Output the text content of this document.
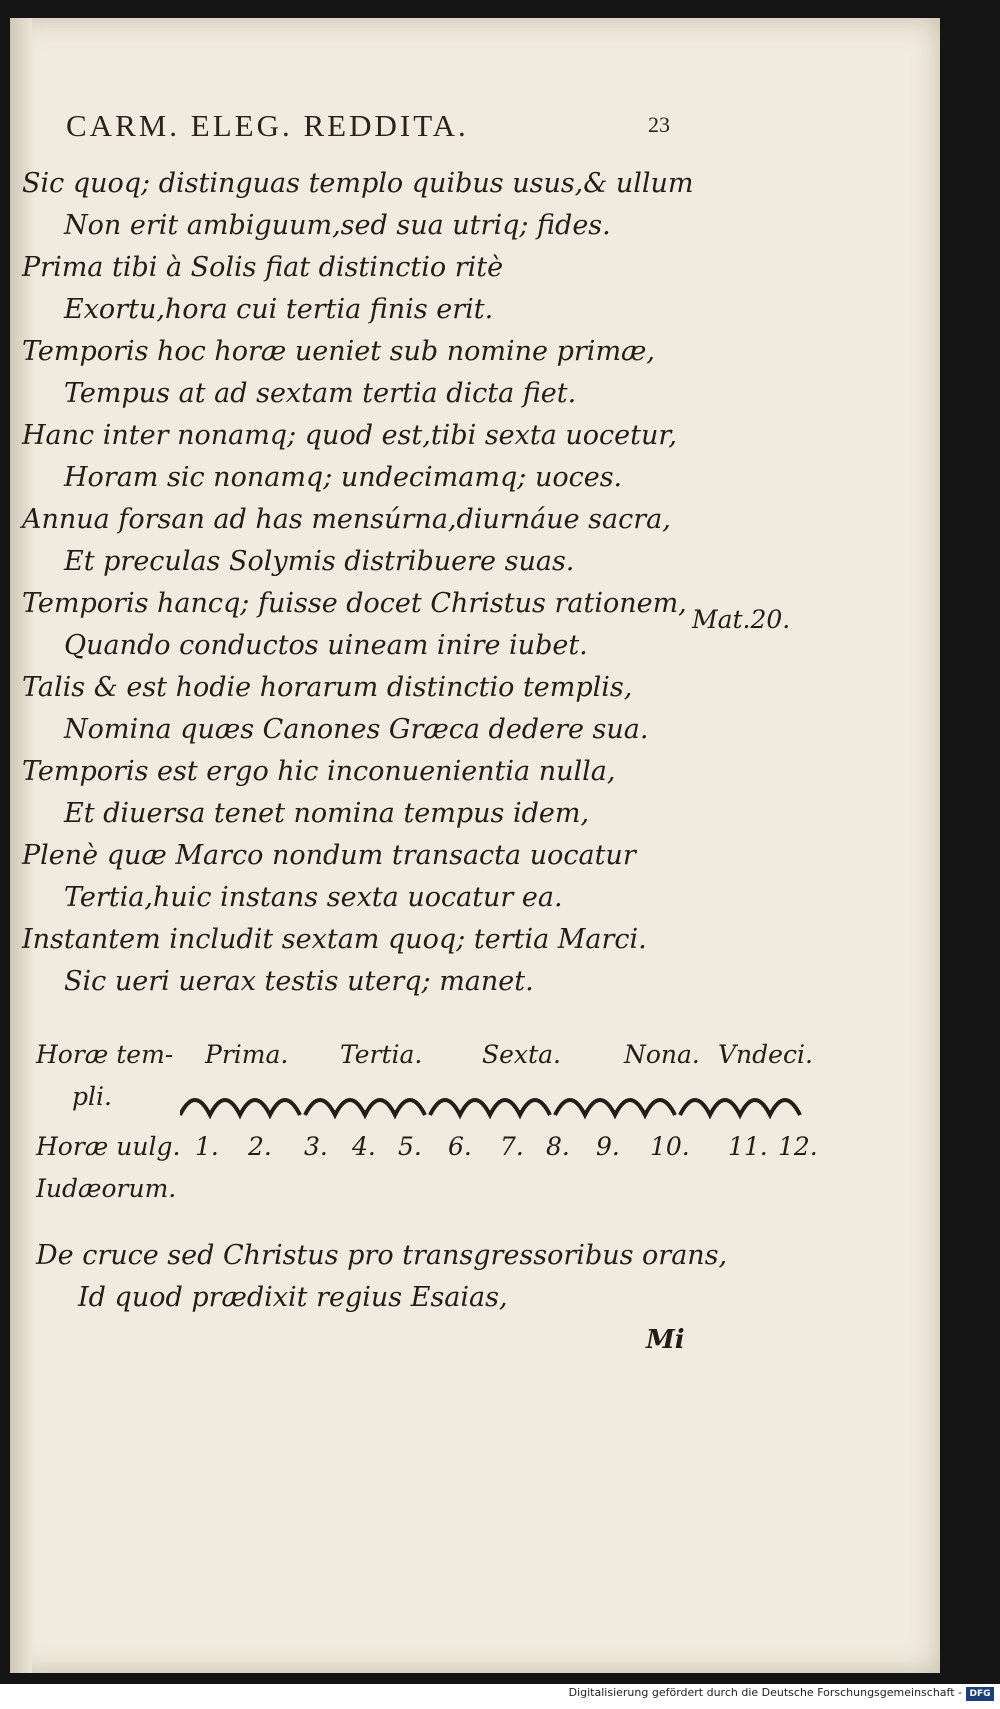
CARM. ELEG. REDDITA.	23
Sic quoq; distinguas templo quibus usus,& ullum
Non erit ambiguum,sed sua utriq; fides.
Prima tibi à Solis fiat distinctio ritè
Exortu,hora cui tertia finis erit.
Temporis hoc horæ ueniet sub nomine primæ,
Tempus at ad sextam tertia dicta fiet.
Hanc inter nonamq; quod est,tibi sexta uocetur,
Horam sic nonamq; undecimamq; uoces.
Annua forsan ad has mensúrna,diurnáue sacra,
Et preculas Solymis distribuere suas.
Temporis hancq; fuisse docet Christus rationem,
Quando conductos uineam inire iubet.
Talis & est hodie horarum distinctio templis,
Nomina quæs Canones Græca dedere sua.
Temporis est ergo hic inconuenientia nulla,
Et diuersa tenet nomina tempus idem,
Plenè quæ Marco nondum transacta uocatur
Tertia,huic instans sexta uocatur ea.
Instantem includit sextam quoq; tertia Marci.
Sic ueri uerax testis uterq; manet.
Mat.20.
Horæ tem-
pli.
Prima. Tertia. Sexta.	Nona. Vndeci.
Horæ uulg.
Iudæorum.
1. 2. 3. 4. 5. 6. 7. 8. 9. 10. 11. 12.
De cruce sed Christus pro transgressoribus orans,
Id quod prædixit regius Esaias,
Mi
Digitalisierung gefördert durch die Deutsche Forschungsgemeinschaft - DFG
